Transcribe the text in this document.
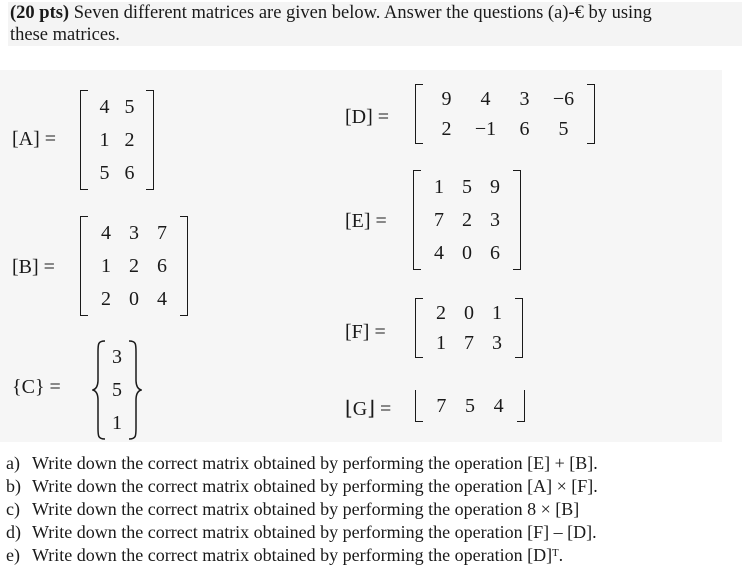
(20 pts) Seven different matrices are given below. Answer the questions (a)-€ by using
these matrices.
[A] =
4 5
1 2
5 6
[D] =
9	4	3	−6
2	−1	6	5
[B] =
4 3 7
1 2 6
2 0 4
[E] =
1 5 9
7 2 3
4 0 6
[F] =
2 0 1
1 7 3
{C} =
3
5
1
⌊G⌋ =	7 5 4
a) Write down the correct matrix obtained by performing the operation [E] + [B].
b) Write down the correct matrix obtained by performing the operation [A] × [F].
c) Write down the correct matrix obtained by performing the operation 8 × [B]
d) Write down the correct matrix obtained by performing the operation [F] – [D].
e) Write down the correct matrix obtained by performing the operation [D]ᵀ.
